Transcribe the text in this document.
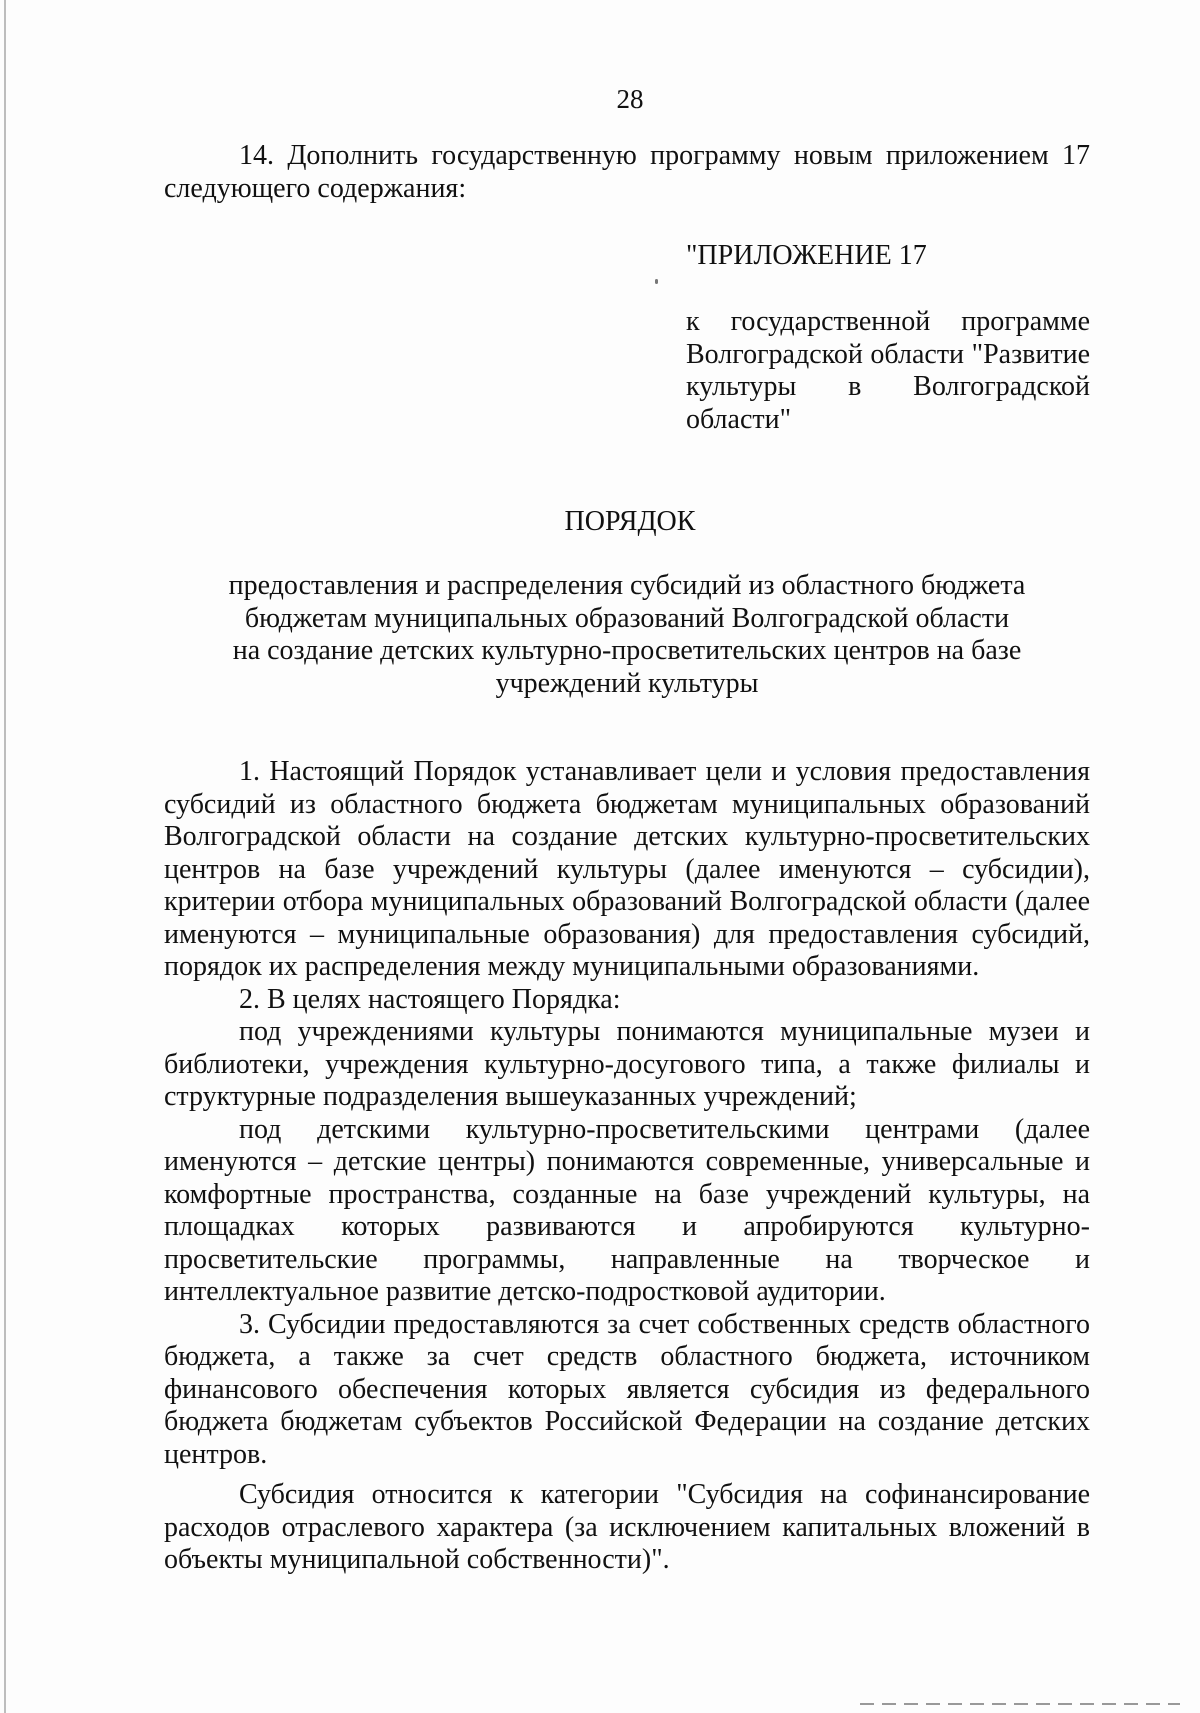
28

14. Дополнить государственную программу новым приложением 17 следующего содержания:

"ПРИЛОЖЕНИЕ 17
к государственной программе Волгоградской области "Развитие культуры в Волгоградской области"
ПОРЯДОК
предоставления и распределения субсидий из областного бюджета
бюджетам муниципальных образований Волгоградской области
на создание детских культурно-просветительских центров на базе
учреждений культуры

1. Настоящий Порядок устанавливает цели и условия предоставления субсидий из областного бюджета бюджетам муниципальных образований Волгоградской области на создание детских культурно-просветительских центров на базе учреждений культуры (далее именуются – субсидии), критерии отбора муниципальных образований Волгоградской области (далее именуются – муниципальные образования) для предоставления субсидий, порядок их распределения между муниципальными образованиями.

2. В целях настоящего Порядка:

под учреждениями культуры понимаются муниципальные музеи и библиотеки, учреждения культурно-досугового типа, а также филиалы и структурные подразделения вышеуказанных учреждений;

под детскими культурно-просветительскими центрами (далее именуются – детские центры) понимаются современные, универсальные и комфортные пространства, созданные на базе учреждений культуры, на площадках которых развиваются и апробируются культурно-просветительские программы, направленные на творческое и интеллектуальное развитие детско-подростковой аудитории.

3. Субсидии предоставляются за счет собственных средств областного бюджета, а также за счет средств областного бюджета, источником финансового обеспечения которых является субсидия из федерального бюджета бюджетам субъектов Российской Федерации на создание детских центров.

Субсидия относится к категории "Субсидия на софинансирование расходов отраслевого характера (за исключением капитальных вложений в объекты муниципальной собственности)".
